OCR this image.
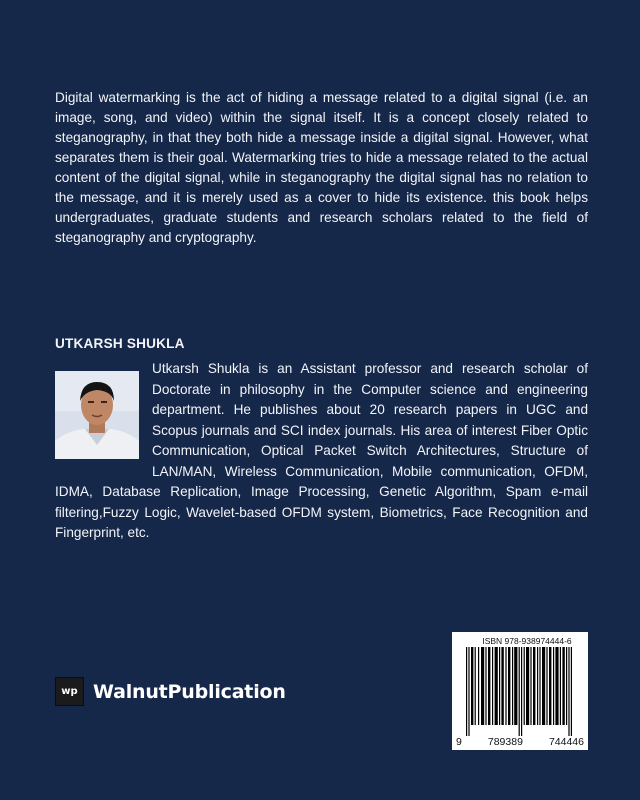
Digital watermarking is the act of hiding a message related to a digital signal (i.e. an image, song, and video) within the signal itself. It is a concept closely related to steganography, in that they both hide a message inside a digital signal. However, what separates them is their goal. Watermarking tries to hide a message related to the actual content of the digital signal, while in steganography the digital signal has no relation to the message, and it is merely used as a cover to hide its existence. this book helps undergraduates, graduate students and research scholars related to the field of steganography and cryptography.

UTKARSH SHUKLA

Utkarsh Shukla is an Assistant professor and research scholar of Doctorate in philosophy in the Computer science and engineering department. He publishes about 20 research papers in UGC and Scopus journals and SCI index journals. His area of interest Fiber Optic Communication, Optical Packet Switch Architectures, Structure of LAN/MAN, Wireless Communication, Mobile communication, OFDM, IDMA, Database Replication, Image Processing, Genetic Algorithm, Spam e-mail filtering,Fuzzy Logic, Wavelet-based OFDM system, Biometrics, Face Recognition and Fingerprint, etc.

wp WalnutPublication
ISBN 978-938974444-6
9 789389 744446
